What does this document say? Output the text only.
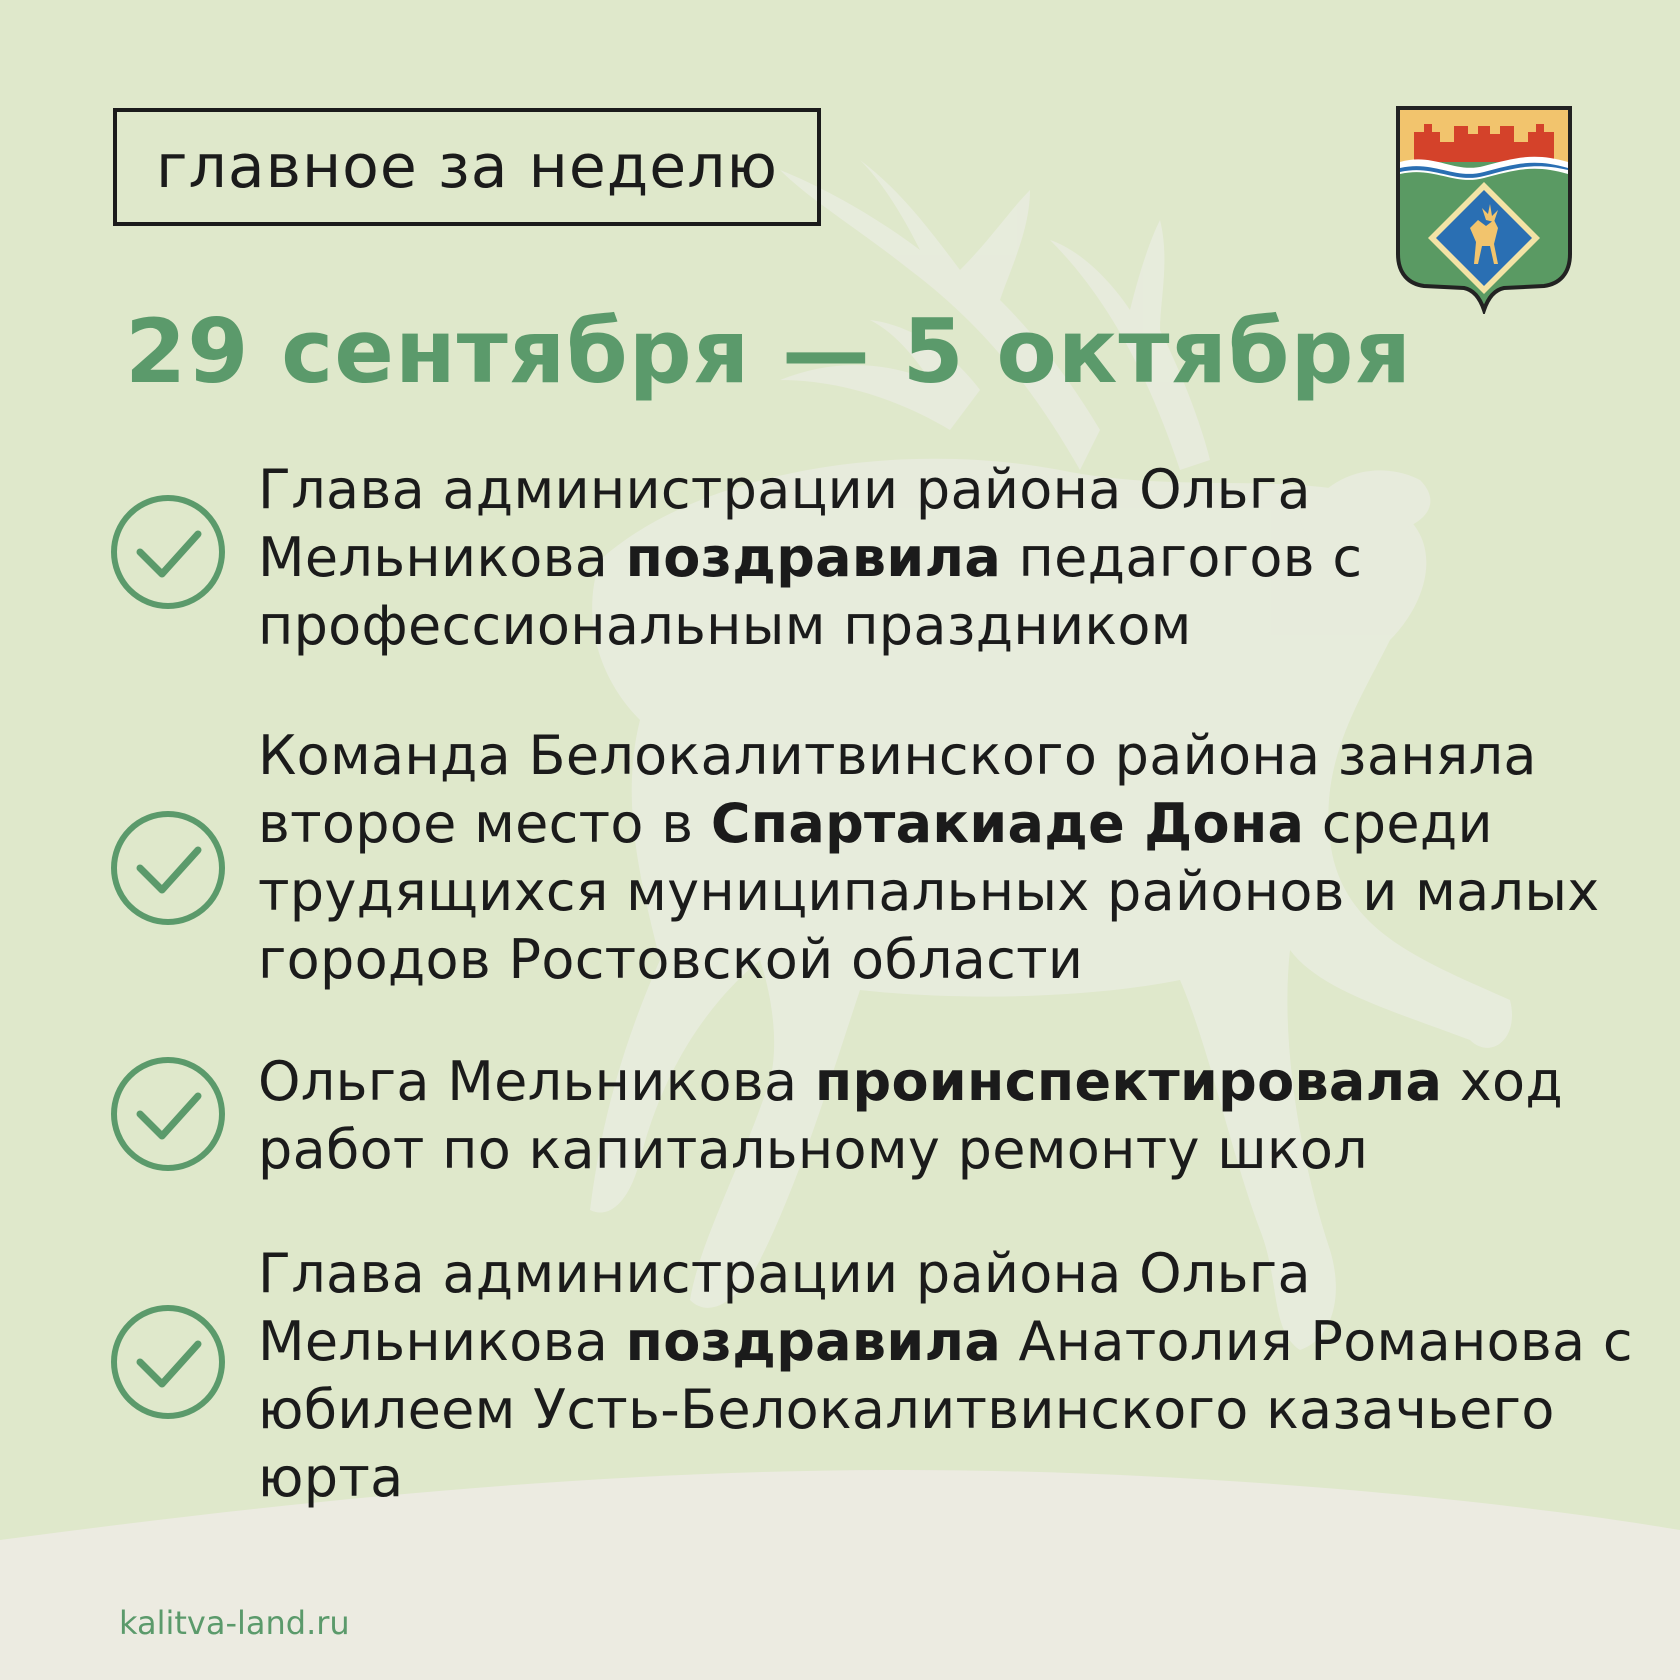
главное за неделю
29 сентября — 5 октября
Глава администрации района Ольга Мельникова поздравила педагогов с профессиональным праздником
Команда Белокалитвинского района заняла второе место в Спартакиаде Дона среди трудящихся муниципальных районов и малых городов Ростовской области
Ольга Мельникова проинспектировала ход работ по капитальному ремонту школ
Глава администрации района Ольга Мельникова поздравила Анатолия Романова с юбилеем Усть-Белокалитвинского казачьего юрта
kalitva-land.ru
